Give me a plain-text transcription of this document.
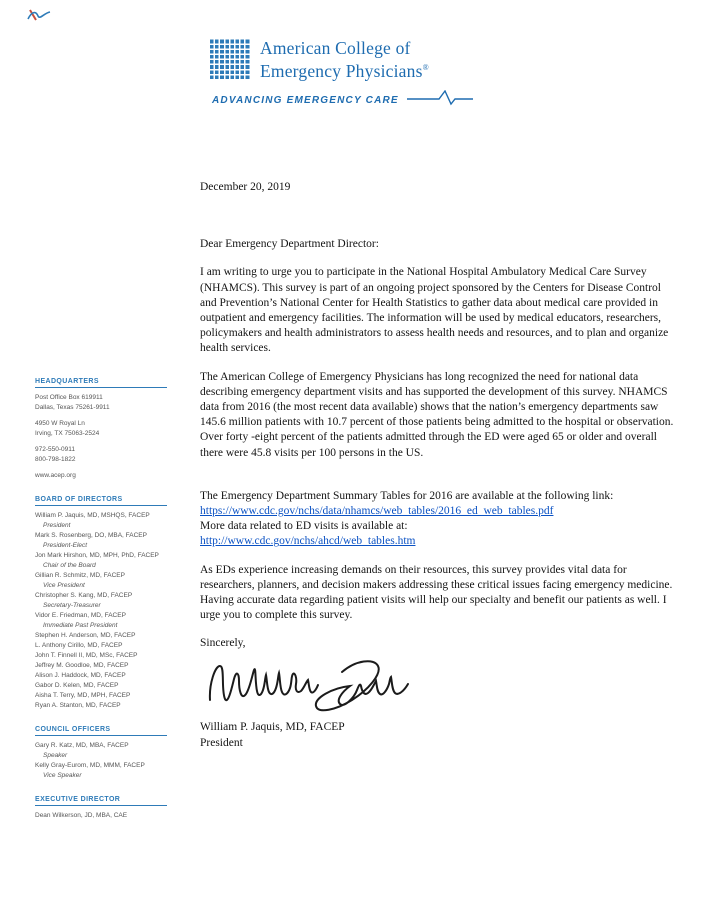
American College of
Emergency Physicians®
ADVANCING EMERGENCY CARE
HEADQUARTERS
Post Office Box 619911
Dallas, Texas 75261-9911
4950 W Royal Ln
Irving, TX 75063-2524
972-550-0911
800-798-1822
www.acep.org
BOARD OF DIRECTORS
William P. Jaquis, MD, MSHQS, FACEP
President
Mark S. Rosenberg, DO, MBA, FACEP
President-Elect
Jon Mark Hirshon, MD, MPH, PhD, FACEP
Chair of the Board
Gillian R. Schmitz, MD, FACEP
Vice President
Christopher S. Kang, MD, FACEP
Secretary-Treasurer
Vidor E. Friedman, MD, FACEP
Immediate Past President
Stephen H. Anderson, MD, FACEP
L. Anthony Cirillo, MD, FACEP
John T. Finnell II, MD, MSc, FACEP
Jeffrey M. Goodloe, MD, FACEP
Alison J. Haddock, MD, FACEP
Gabor D. Kelen, MD, FACEP
Aisha T. Terry, MD, MPH, FACEP
Ryan A. Stanton, MD, FACEP
COUNCIL OFFICERS
Gary R. Katz, MD, MBA, FACEP
Speaker
Kelly Gray-Eurom, MD, MMM, FACEP
Vice Speaker
EXECUTIVE DIRECTOR
Dean Wilkerson, JD, MBA, CAE
December 20, 2019
Dear Emergency Department Director:

I am writing to urge you to participate in the National Hospital Ambulatory Medical Care Survey (NHAMCS). This survey is part of an ongoing project sponsored by the Centers for Disease Control and Prevention’s National Center for Health Statistics to gather data about medical care provided in outpatient and emergency facilities. The information will be used by medical educators, researchers, policymakers and health administrators to assess health needs and resources, and to plan and organize health services.

The American College of Emergency Physicians has long recognized the need for national data describing emergency department visits and has supported the development of this survey. NHAMCS data from 2016 (the most recent data available) shows that the nation’s emergency departments saw 145.6 million patients with 10.7 percent of those patients being admitted to the hospital or observation. Over forty -eight percent of the patients admitted through the ED were aged 65 or older and overall there were 45.8 visits per 100 persons in the US.

The Emergency Department Summary Tables for 2016 are available at the following link:
https://www.cdc.gov/nchs/data/nhamcs/web_tables/2016_ed_web_tables.pdf
More data related to ED visits is available at:
http://www.cdc.gov/nchs/ahcd/web_tables.htm

As EDs experience increasing demands on their resources, this survey provides vital data for researchers, planners, and decision makers addressing these critical issues facing emergency medicine. Having accurate data regarding patient visits will help our specialty and benefit our patients as well. I urge you to complete this survey.

Sincerely,
William P. Jaquis, MD, FACEP
President
